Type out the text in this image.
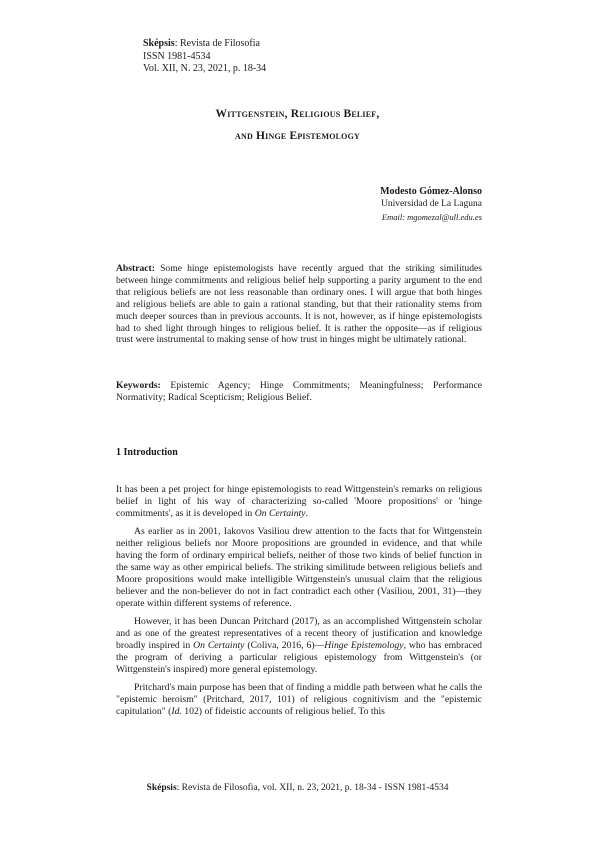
Sképsis: Revista de Filosofia
ISSN 1981-4534
Vol. XII, N. 23, 2021, p. 18-34
Wittgenstein, Religious Belief,
and Hinge Epistemology
Modesto Gómez-Alonso
Universidad de La Laguna
Email: mgomezal@ull.edu.es
Abstract: Some hinge epistemologists have recently argued that the striking similitudes between hinge commitments and religious belief help supporting a parity argument to the end that religious beliefs are not less reasonable than ordinary ones. I will argue that both hinges and religious beliefs are able to gain a rational standing, but that their rationality stems from much deeper sources than in previous accounts. It is not, however, as if hinge epistemologists had to shed light through hinges to religious belief. It is rather the opposite—as if religious trust were instrumental to making sense of how trust in hinges might be ultimately rational.
Keywords: Epistemic Agency; Hinge Commitments; Meaningfulness; Performance Normativity; Radical Scepticism; Religious Belief.
1 Introduction

It has been a pet project for hinge epistemologists to read Wittgenstein's remarks on religious belief in light of his way of characterizing so-called 'Moore propositions' or 'hinge commitments', as it is developed in On Certainty.

As earlier as in 2001, Iakovos Vasiliou drew attention to the facts that for Wittgenstein neither religious beliefs nor Moore propositions are grounded in evidence, and that while having the form of ordinary empirical beliefs, neither of those two kinds of belief function in the same way as other empirical beliefs. The striking similitude between religious beliefs and Moore propositions would make intelligible Wittgenstein's unusual claim that the religious believer and the non-believer do not in fact contradict each other (Vasiliou, 2001, 31)—they operate within different systems of reference.

However, it has been Duncan Pritchard (2017), as an accomplished Wittgenstein scholar and as one of the greatest representatives of a recent theory of justification and knowledge broadly inspired in On Certainty (Coliva, 2016, 6)—Hinge Epistemology, who has embraced the program of deriving a particular religious epistemology from Wittgenstein's (or Wittgenstein's inspired) more general epistemology.

Pritchard's main purpose has been that of finding a middle path between what he calls the "epistemic heroism" (Pritchard, 2017, 101) of religious cognitivism and the "epistemic capitulation" (Id. 102) of fideistic accounts of religious belief. To this

Sképsis: Revista de Filosofia, vol. XII, n. 23, 2021, p. 18-34 - ISSN 1981-4534
